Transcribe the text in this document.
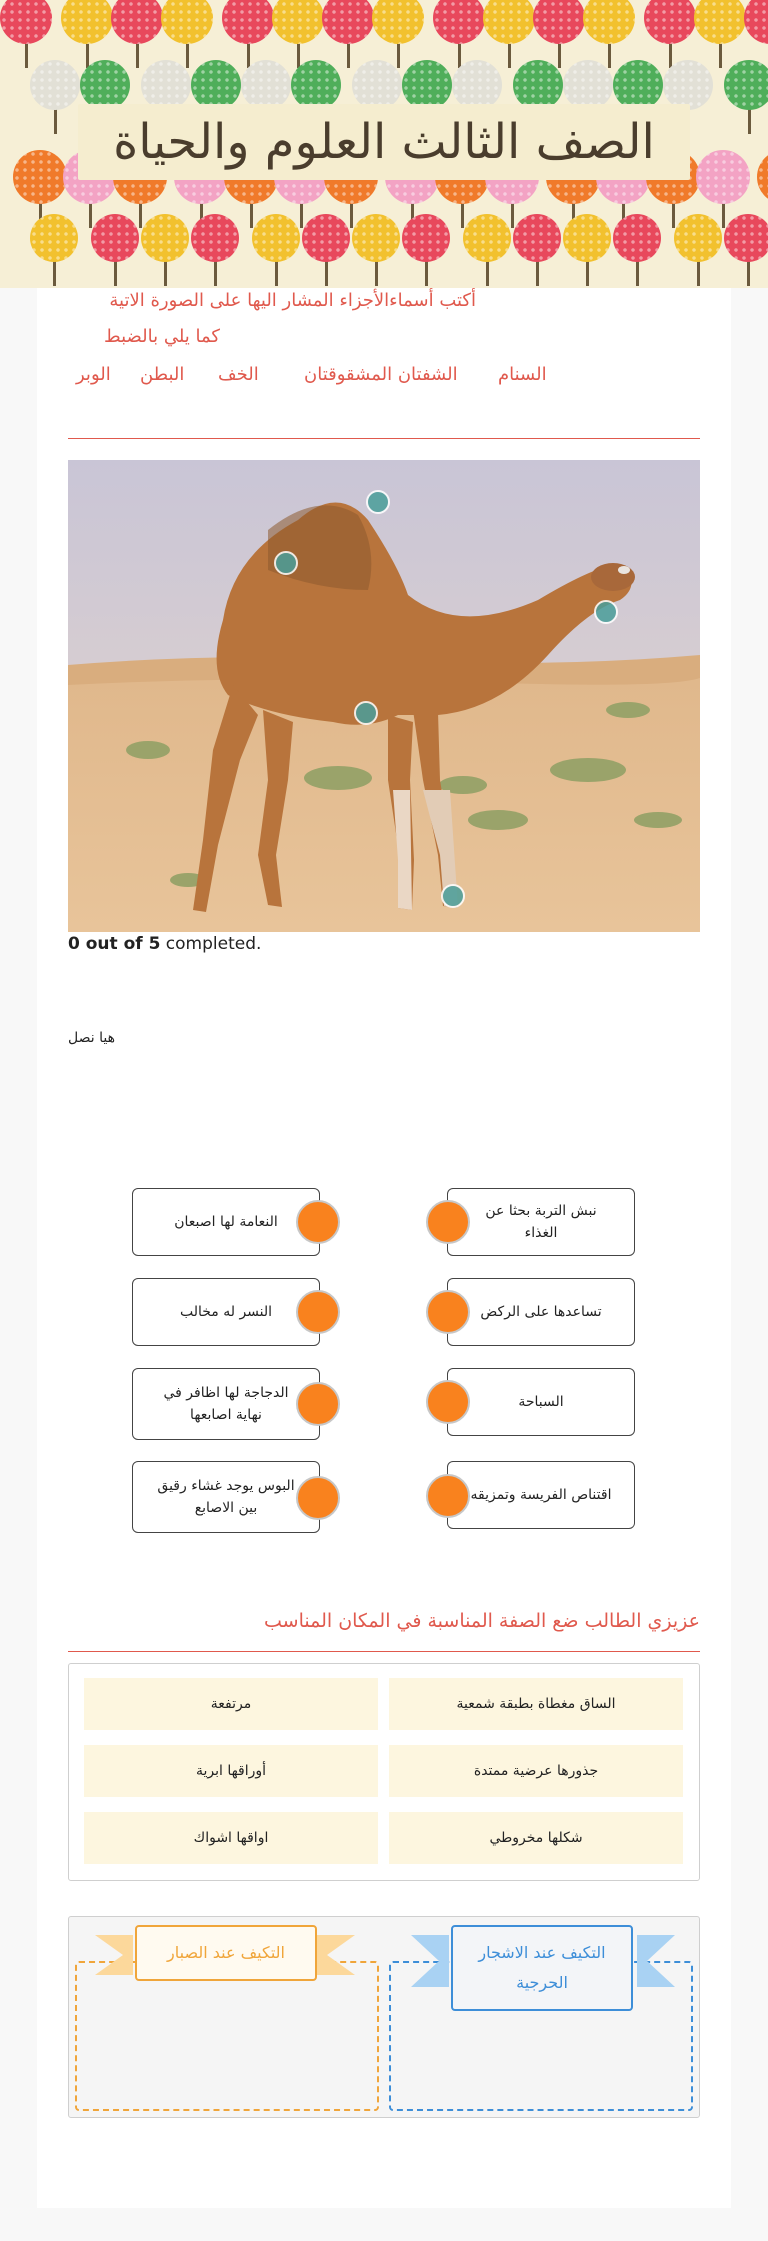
الصف الثالث العلوم والحياة
أكتب أسماءالأجزاء المشار اليها على الصورة الاتية
كما يلي بالضبط
السنام
الشفتان المشقوقتان
الخف
البطن
الوبر
0 out of 5 completed.
هيا نصل
النعامة لها اصبعان
النسر له مخالب
الدجاجة لها اظافر في نهاية اصابعها
البوس يوجد غشاء رقيق بين الاصابع
نبش التربة بحثا عن الغذاء
تساعدها على الركض
السباحة
اقتناص الفريسة وتمزيقه
عزيزي الطالب ضع الصفة المناسبة في المكان المناسب
الساق مغطاة بطبقة شمعية
مرتفعة
جذورها عرضية ممتدة
أوراقها ابرية
شكلها مخروطي
اواقها اشواك
التكيف عند الاشجار الحرجية
التكيف عند الصبار
